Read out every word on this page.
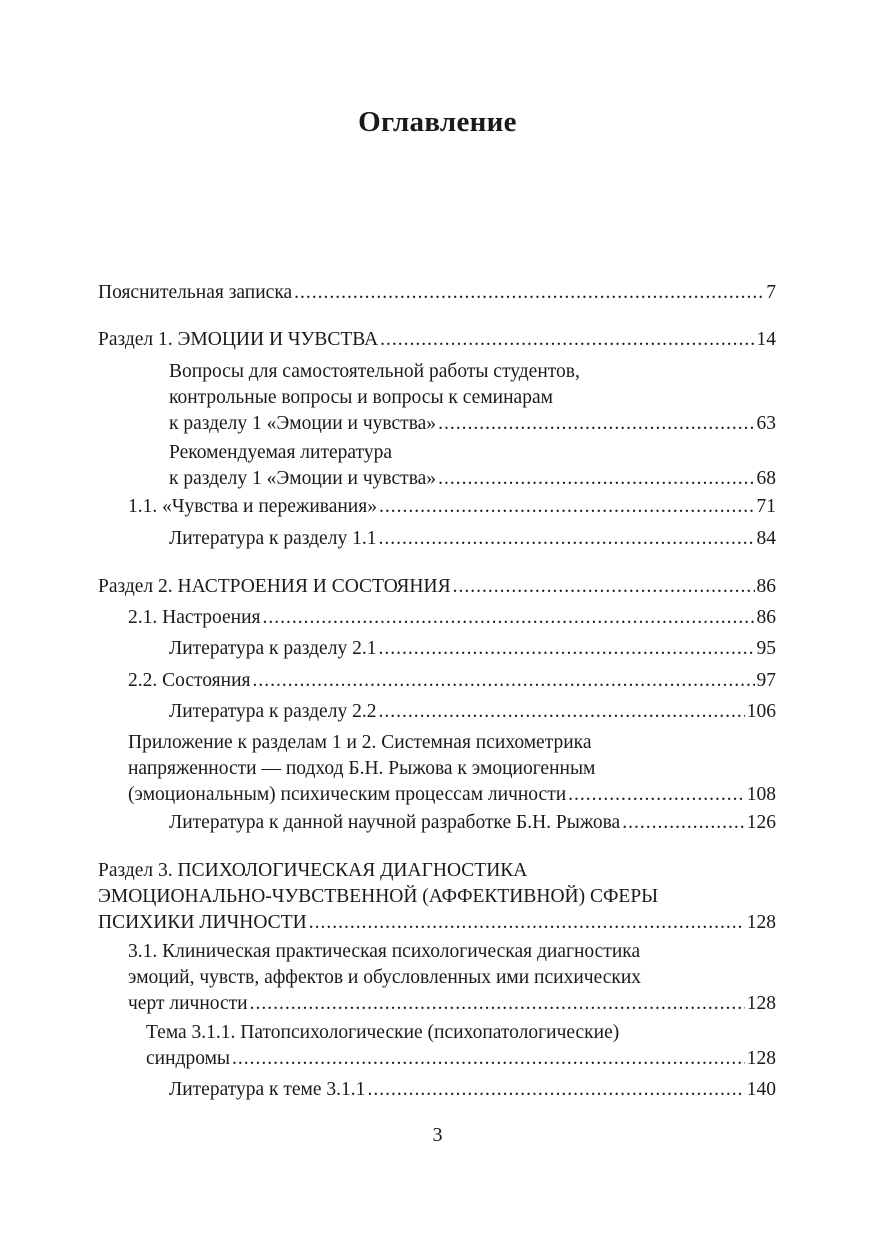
Оглавление
Пояснительная записка .....	7
Раздел 1. ЭМОЦИИ И ЧУВСТВА .....	14
Вопросы для самостоятельной работы студентов,
контрольные вопросы и вопросы к семинарам
к разделу 1 «Эмоции и чувства» .....	63
Рекомендуемая литература
к разделу 1 «Эмоции и чувства» .....	68
1.1. «Чувства и переживания» .....	71
Литература к разделу 1.1 .....	84
Раздел 2. НАСТРОЕНИЯ И СОСТОЯНИЯ .....	86
2.1. Настроения .....	86
Литература к разделу 2.1 .....	95
2.2. Состояния .....	97
Литература к разделу 2.2 .....	106
Приложение к разделам 1 и 2. Системная психометрика
напряженности — подход Б.Н. Рыжова к эмоциогенным
(эмоциональным) психическим процессам личности .....	108
Литература к данной научной разработке Б.Н. Рыжова .....	126
Раздел 3. ПСИХОЛОГИЧЕСКАЯ ДИАГНОСТИКА
ЭМОЦИОНАЛЬНО-ЧУВСТВЕННОЙ (АФФЕКТИВНОЙ) СФЕРЫ
ПСИХИКИ ЛИЧНОСТИ .....	128
3.1. Клиническая практическая психологическая диагностика
эмоций, чувств, аффектов и обусловленных ими психических
черт личности .....	128
Тема 3.1.1. Патопсихологические (психопатологические)
синдромы .....	128
Литература к теме 3.1.1 .....	140
3
